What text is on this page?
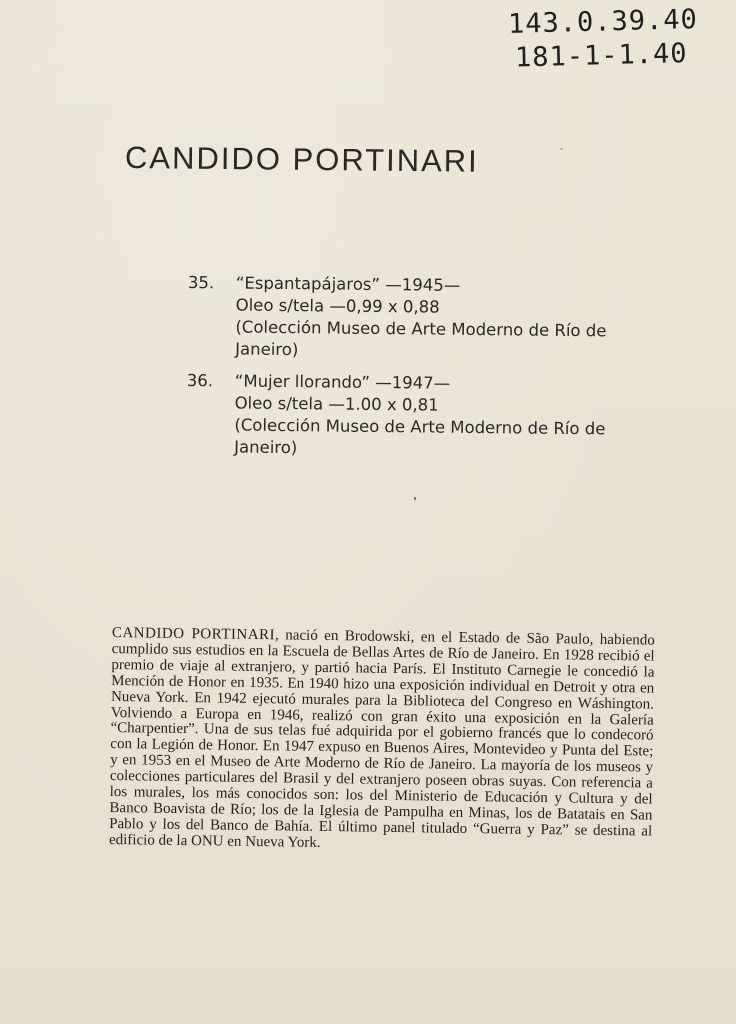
143.0.39.40
181-1-1.40
CANDIDO PORTINARI
35. “Espantapájaros” —1945—
Oleo s/tela —0,99 x 0,88
(Colección Museo de Arte Moderno de Río de
Janeiro)
36. “Mujer llorando” —1947—
Oleo s/tela —1.00 x 0,81
(Colección Museo de Arte Moderno de Río de
Janeiro)
CANDIDO PORTINARI, nació en Brodowski, en el Estado de São Paulo, habiendo cumplido sus estudios en la Escuela de Bellas Artes de Río de Janeiro. En 1928 recibió el premio de viaje al extranjero, y partió hacia París. El Instituto Carnegie le concedió la Mención de Honor en 1935. En 1940 hizo una exposición individual en Detroit y otra en Nueva York. En 1942 ejecutó murales para la Biblioteca del Congreso en Wáshington. Volviendo a Europa en 1946, realizó con gran éxito una exposición en la Galería “Charpentier”. Una de sus telas fué adquirida por el gobierno francés que lo condecoró con la Legión de Honor. En 1947 expuso en Buenos Aires, Montevideo y Punta del Este; y en 1953 en el Museo de Arte Moderno de Río de Janeiro. La mayoría de los museos y colecciones particulares del Brasil y del extranjero poseen obras suyas. Con referencia a los murales, los más conocidos son: los del Ministerio de Educación y Cultura y del Banco Boavista de Río; los de la Iglesia de Pampulha en Minas, los de Batatais en San Pablo y los del Banco de Bahía. El último panel titulado “Guerra y Paz” se destina al edificio de la ONU en Nueva York.
